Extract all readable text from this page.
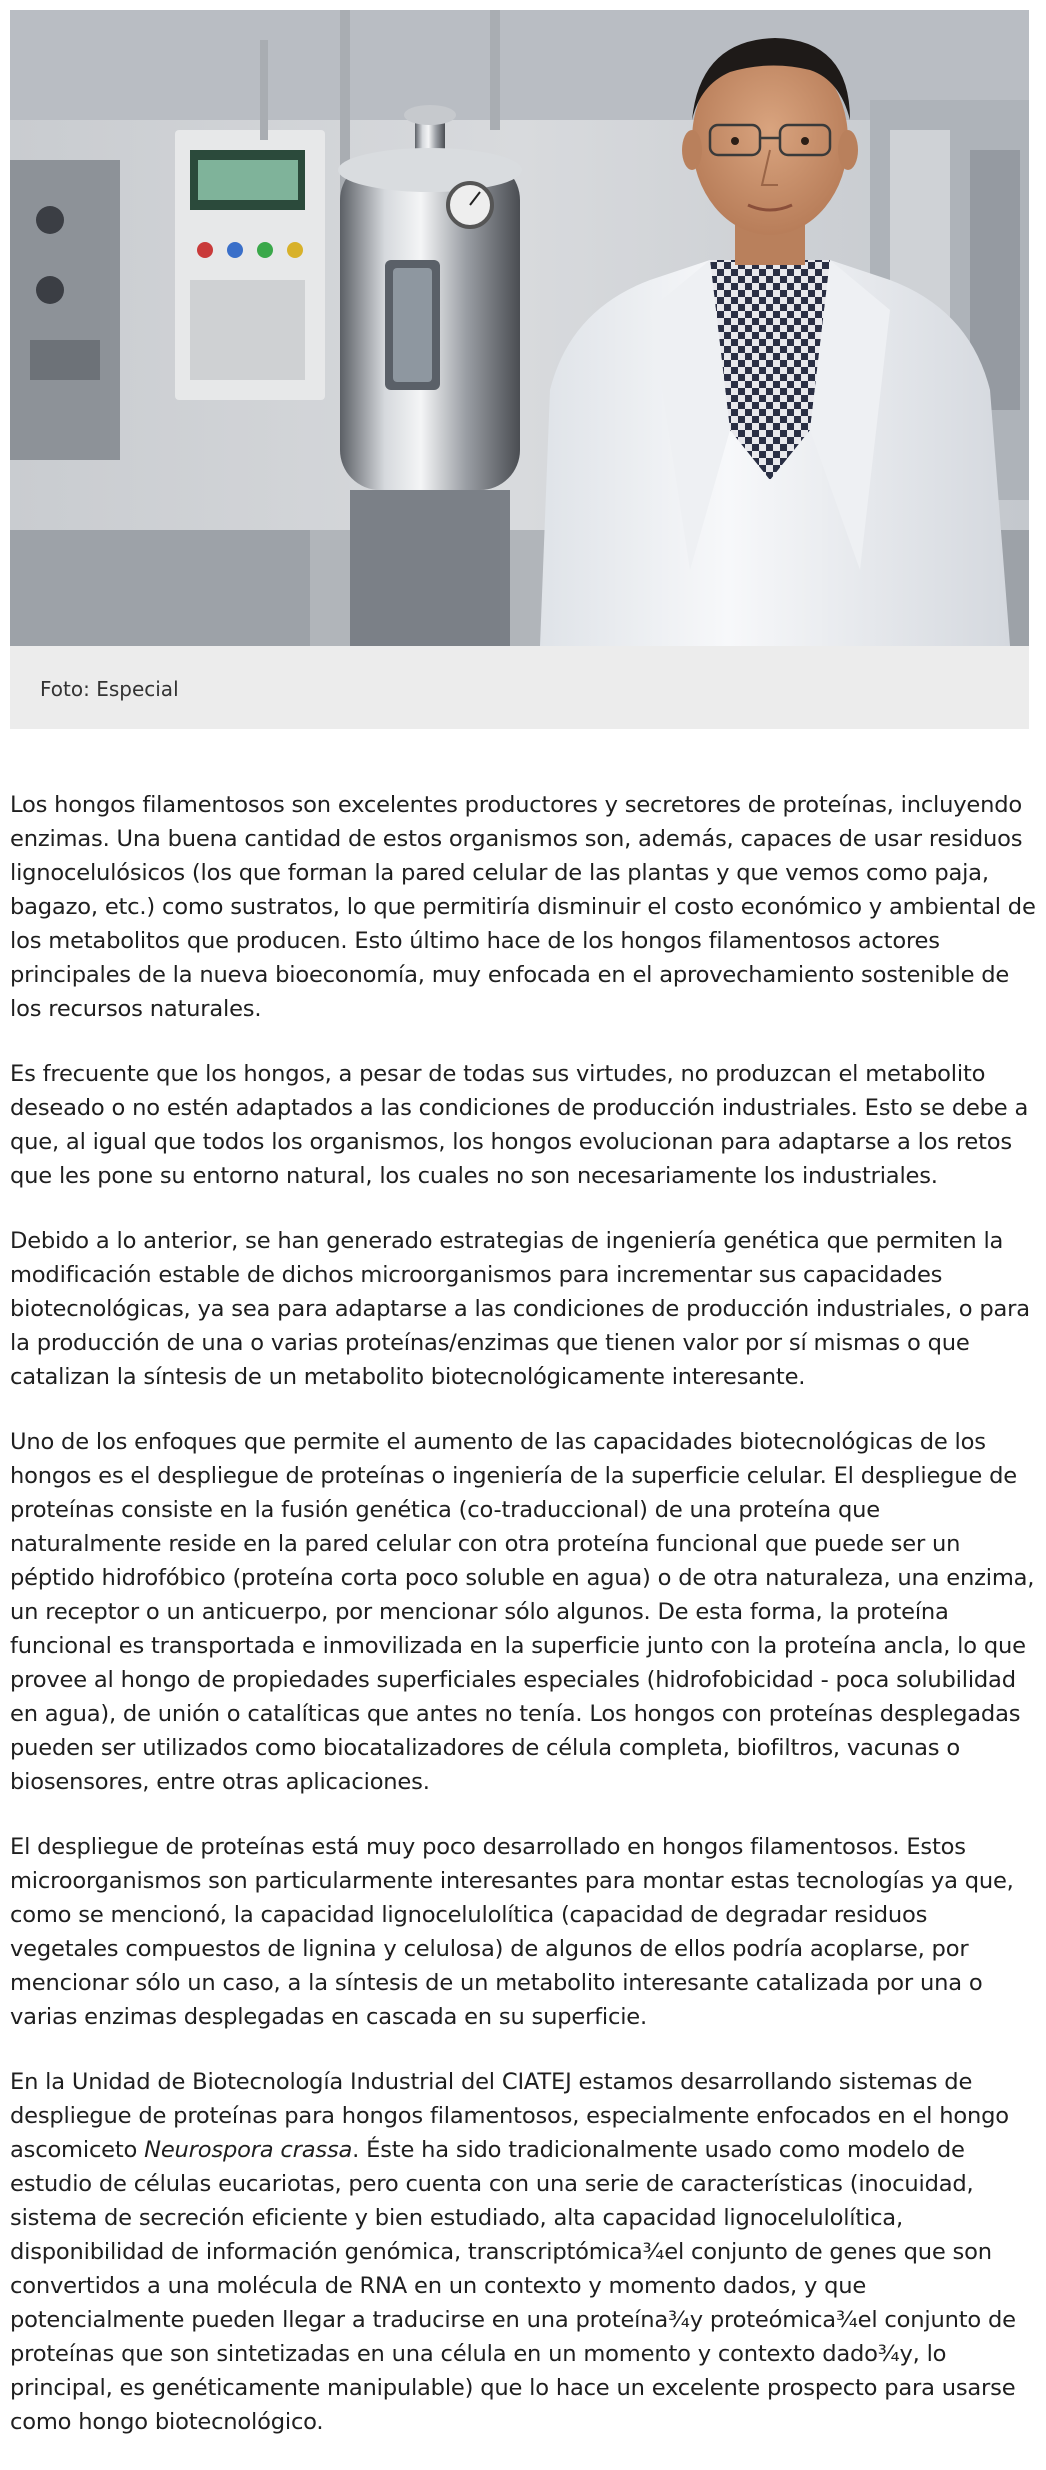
Foto: Especial

Los hongos filamentosos son excelentes productores y secretores de proteínas, incluyendo enzimas. Una buena cantidad de estos organismos son, además, capaces de usar residuos lignocelulósicos (los que forman la pared celular de las plantas y que vemos como paja, bagazo, etc.) como sustratos, lo que permitiría disminuir el costo económico y ambiental de los metabolitos que producen. Esto último hace de los hongos filamentosos actores principales de la nueva bioeconomía, muy enfocada en el aprovechamiento sostenible de los recursos naturales.

Es frecuente que los hongos, a pesar de todas sus virtudes, no produzcan el metabolito deseado o no estén adaptados a las condiciones de producción industriales. Esto se debe a que, al igual que todos los organismos, los hongos evolucionan para adaptarse a los retos que les pone su entorno natural, los cuales no son necesariamente los industriales.

Debido a lo anterior, se han generado estrategias de ingeniería genética que permiten la modificación estable de dichos microorganismos para incrementar sus capacidades biotecnológicas, ya sea para adaptarse a las condiciones de producción industriales, o para la producción de una o varias proteínas/enzimas que tienen valor por sí mismas o que catalizan la síntesis de un metabolito biotecnológicamente interesante.

Uno de los enfoques que permite el aumento de las capacidades biotecnológicas de los hongos es el despliegue de proteínas o ingeniería de la superficie celular. El despliegue de proteínas consiste en la fusión genética (co-traduccional) de una proteína que naturalmente reside en la pared celular con otra proteína funcional que puede ser un péptido hidrofóbico (proteína corta poco soluble en agua) o de otra naturaleza, una enzima, un receptor o un anticuerpo, por mencionar sólo algunos. De esta forma, la proteína funcional es transportada e inmovilizada en la superficie junto con la proteína ancla, lo que provee al hongo de propiedades superficiales especiales (hidrofobicidad - poca solubilidad en agua), de unión o catalíticas que antes no tenía. Los hongos con proteínas desplegadas pueden ser utilizados como biocatalizadores de célula completa, biofiltros, vacunas o biosensores, entre otras aplicaciones.

El despliegue de proteínas está muy poco desarrollado en hongos filamentosos. Estos microorganismos son particularmente interesantes para montar estas tecnologías ya que, como se mencionó, la capacidad lignocelulolítica (capacidad de degradar residuos vegetales compuestos de lignina y celulosa) de algunos de ellos podría acoplarse, por mencionar sólo un caso, a la síntesis de un metabolito interesante catalizada por una o varias enzimas desplegadas en cascada en su superficie.

En la Unidad de Biotecnología Industrial del CIATEJ estamos desarrollando sistemas de despliegue de proteínas para hongos filamentosos, especialmente enfocados en el hongo ascomiceto Neurospora crassa. Éste ha sido tradicionalmente usado como modelo de estudio de células eucariotas, pero cuenta con una serie de características (inocuidad, sistema de secreción eficiente y bien estudiado, alta capacidad lignocelulolítica, disponibilidad de información genómica, transcriptómica¾el conjunto de genes que son convertidos a una molécula de RNA en un contexto y momento dados, y que potencialmente pueden llegar a traducirse en una proteína¾y proteómica¾el conjunto de proteínas que son sintetizadas en una célula en un momento y contexto dado¾y, lo principal, es genéticamente manipulable) que lo hace un excelente prospecto para usarse como hongo biotecnológico.
